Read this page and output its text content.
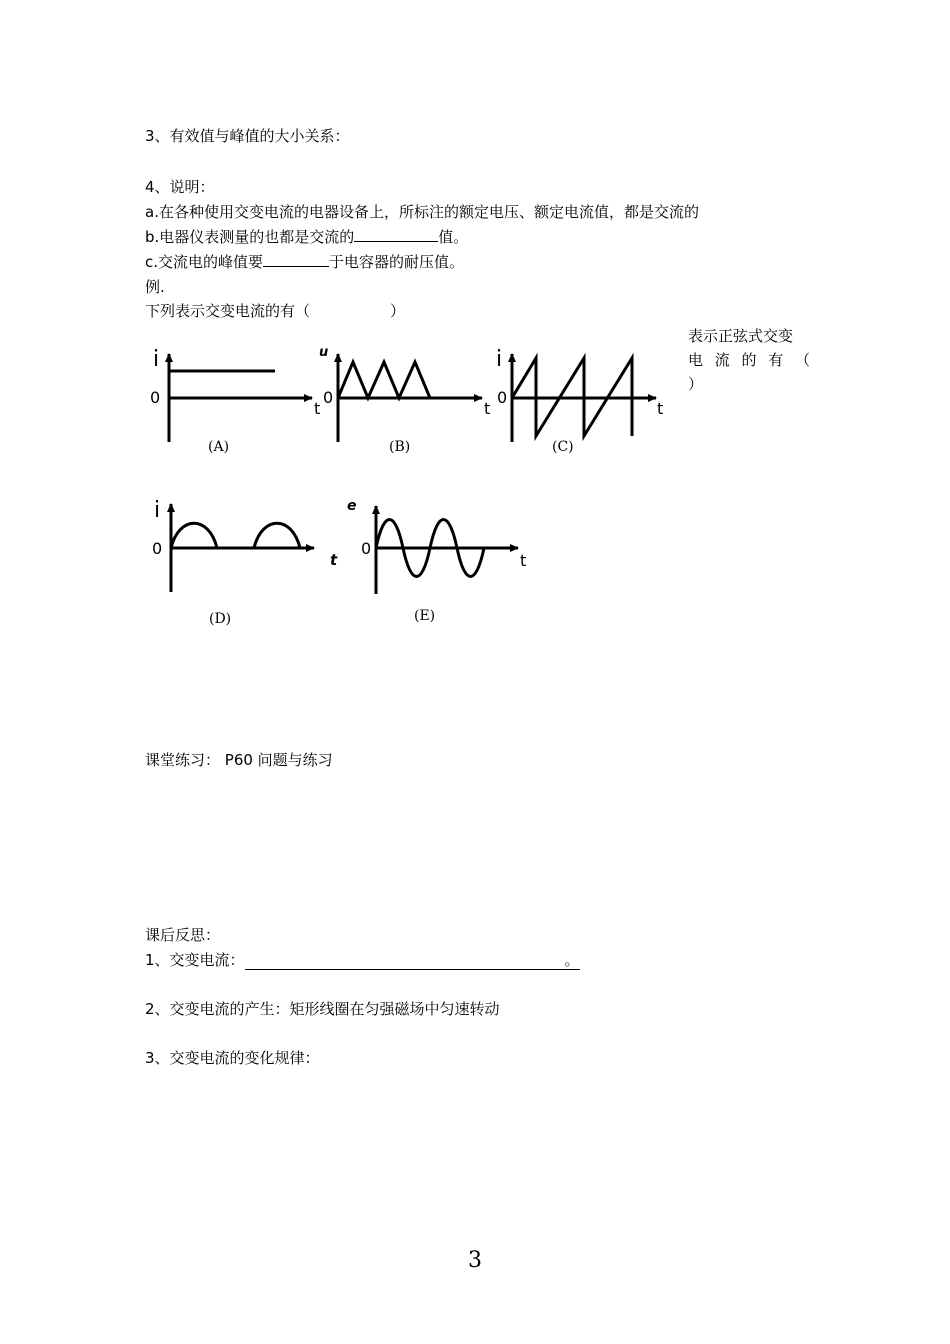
3、有效值与峰值的大小关系：
4、说明：
a.在各种使用交变电流的电器设备上，所标注的额定电压、额定电流值，都是交流的
b.电器仪表测量的也都是交流的	值。
c.交流电的峰值要	于电容器的耐压值。
例.
下列表示交变电流的有（	）
表示正弦式交变
电 流 的 有 （
）
i
0
t
(A)
u
0
t
(B)
i
0
t
(C)
i
0
t
(D)
e
0
t
(E)
课堂练习： P60 问题与练习
课后反思：
1、交变电流：	。
2、交变电流的产生：矩形线圈在匀强磁场中匀速转动
3、交变电流的变化规律：
3
